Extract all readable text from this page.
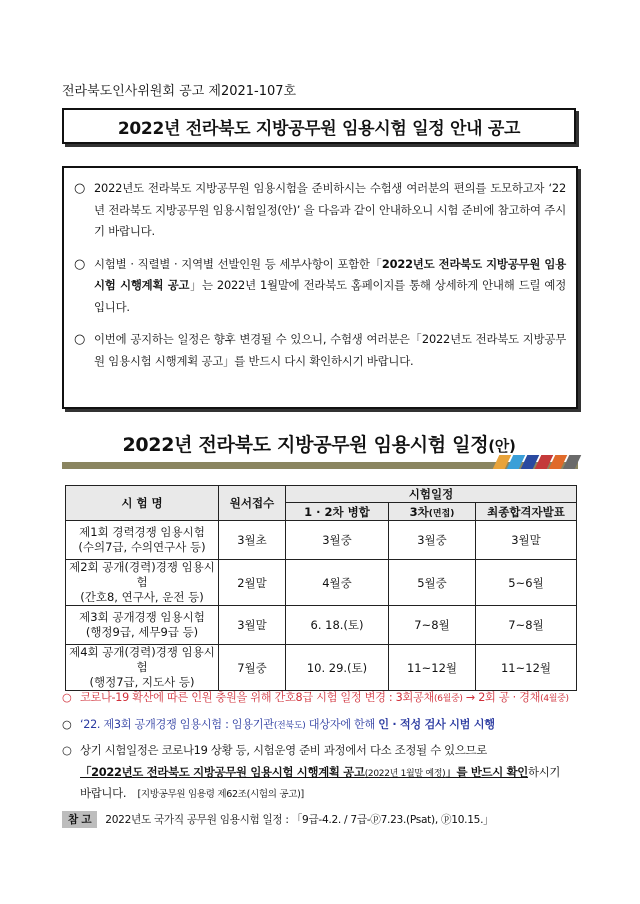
전라북도인사위원회 공고 제2021-107호
2022년 전라북도 지방공무원 임용시험 일정 안내 공고
○ 2022년도 전라북도 지방공무원 임용시험을 준비하시는 수험생 여러분의 편의를 도모하고자 ‘22년 전라북도 지방공무원 임용시험일정(안)’ 을 다음과 같이 안내하오니 시험 준비에 참고하여 주시기 바랍니다.
○ 시험별 · 직렬별 · 지역별 선발인원 등 세부사항이 포함한「2022년도 전라북도 지방공무원 임용시험 시행계획 공고」는 2022년 1월말에 전라북도 홈페이지를 통해 상세하게 안내해 드릴 예정입니다.
○ 이번에 공지하는 일정은 향후 변경될 수 있으니, 수험생 여러분은「2022년도 전라북도 지방공무원 임용시험 시행계획 공고」를 반드시 다시 확인하시기 바랍니다.
2022년 전라북도 지방공무원 임용시험 일정(안)
시 험 명	원서접수	시험일정		
		1 · 2차 병합	3차(면접)	최종합격자발표

제1회 경력경쟁 임용시험
(수의7급, 수의연구사 등)	3월초	3월중	3월중	3월말

제2회 공개(경력)경쟁 임용시험
(간호8, 연구사, 운전 등)	2월말	4월중	5월중	5~6월

제3회 공개경쟁 임용시험
(행정9급, 세무9급 등)	3월말	6. 18.(토)	7~8월	7~8월

제4회 공개(경력)경쟁 임용시험
(행정7급, 지도사 등)	7월중	10. 29.(토)	11~12월	11~12월
○ 코로나-19 확산에 따른 인원 충원을 위해 간호8급 시험 일정 변경 : 3회공채(6월중) → 2회 공 · 경채(4월중)
○ ‘22. 제3회 공개경쟁 임용시험 : 임용기관(전북도) 대상자에 한해 인 · 적성 검사 시범 시행
○ 상기 시험일정은 코로나19 상황 등, 시험운영 준비 과정에서 다소 조정될 수 있으므로
「2022년도 전라북도 지방공무원 임용시험 시행계획 공고(2022년 1월말 예정)」를 반드시 확인하시기
바랍니다. [지방공무원 임용령 제62조(시험의 공고)]
참 고 2022년도 국가직 공무원 임용시험 일정 : 「9급-4.2. / 7급-ⓟ7.23.(Psat), ⓟ10.15.」
